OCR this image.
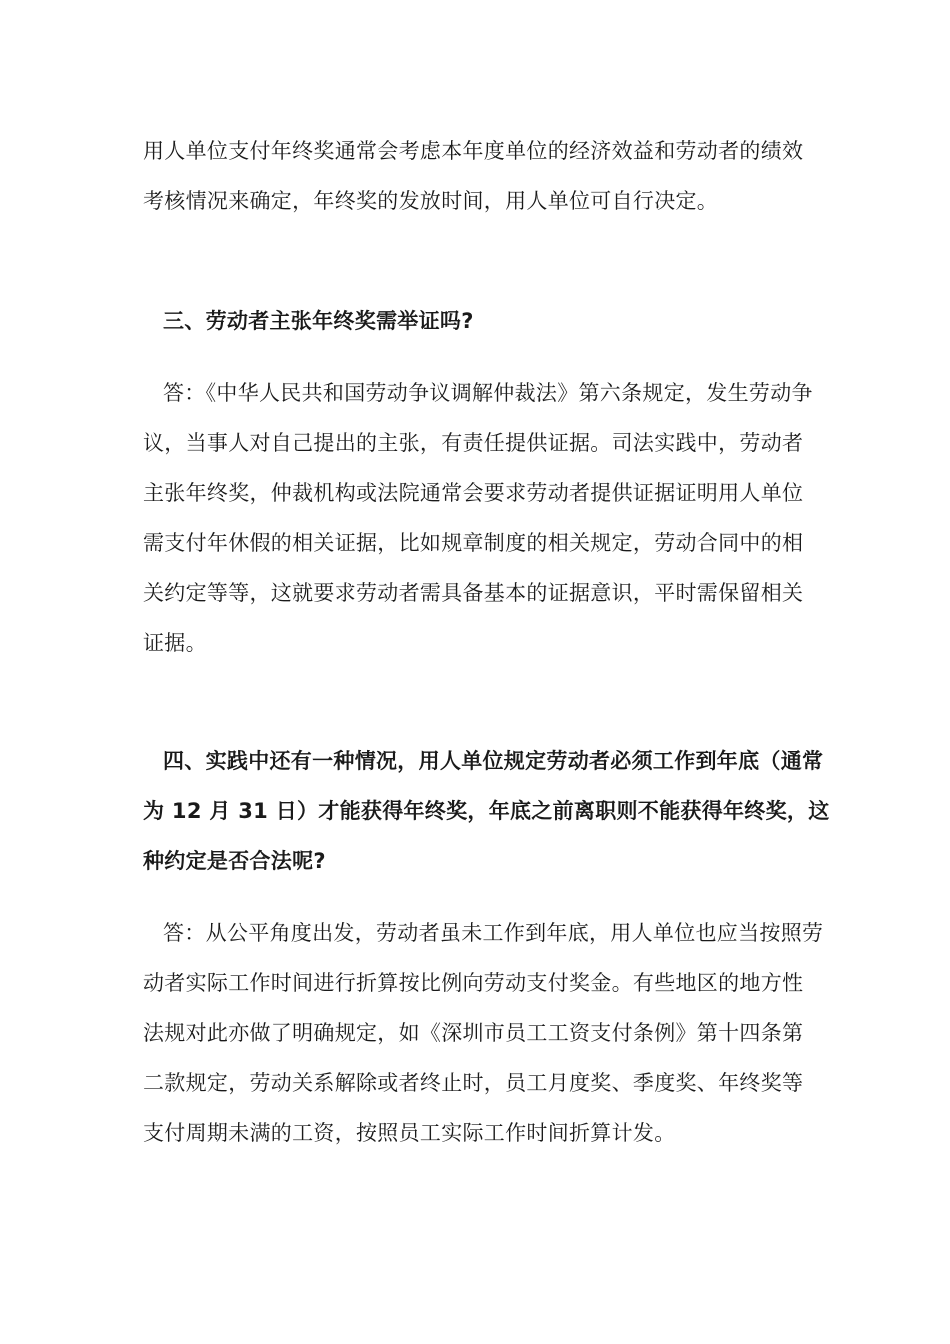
用人单位支付年终奖通常会考虑本年度单位的经济效益和劳动者的绩效
考核情况来确定，年终奖的发放时间，用人单位可自行决定。
三、劳动者主张年终奖需举证吗?
答：《中华人民共和国劳动争议调解仲裁法》第六条规定，发生劳动争
议，当事人对自己提出的主张，有责任提供证据。司法实践中，劳动者
主张年终奖，仲裁机构或法院通常会要求劳动者提供证据证明用人单位
需支付年休假的相关证据，比如规章制度的相关规定，劳动合同中的相
关约定等等，这就要求劳动者需具备基本的证据意识，平时需保留相关
证据。
四、实践中还有一种情况，用人单位规定劳动者必须工作到年底（通常
为 12 月 31 日）才能获得年终奖，年底之前离职则不能获得年终奖，这
种约定是否合法呢?
答：从公平角度出发，劳动者虽未工作到年底，用人单位也应当按照劳
动者实际工作时间进行折算按比例向劳动支付奖金。有些地区的地方性
法规对此亦做了明确规定，如《深圳市员工工资支付条例》第十四条第
二款规定，劳动关系解除或者终止时，员工月度奖、季度奖、年终奖等
支付周期未满的工资，按照员工实际工作时间折算计发。
